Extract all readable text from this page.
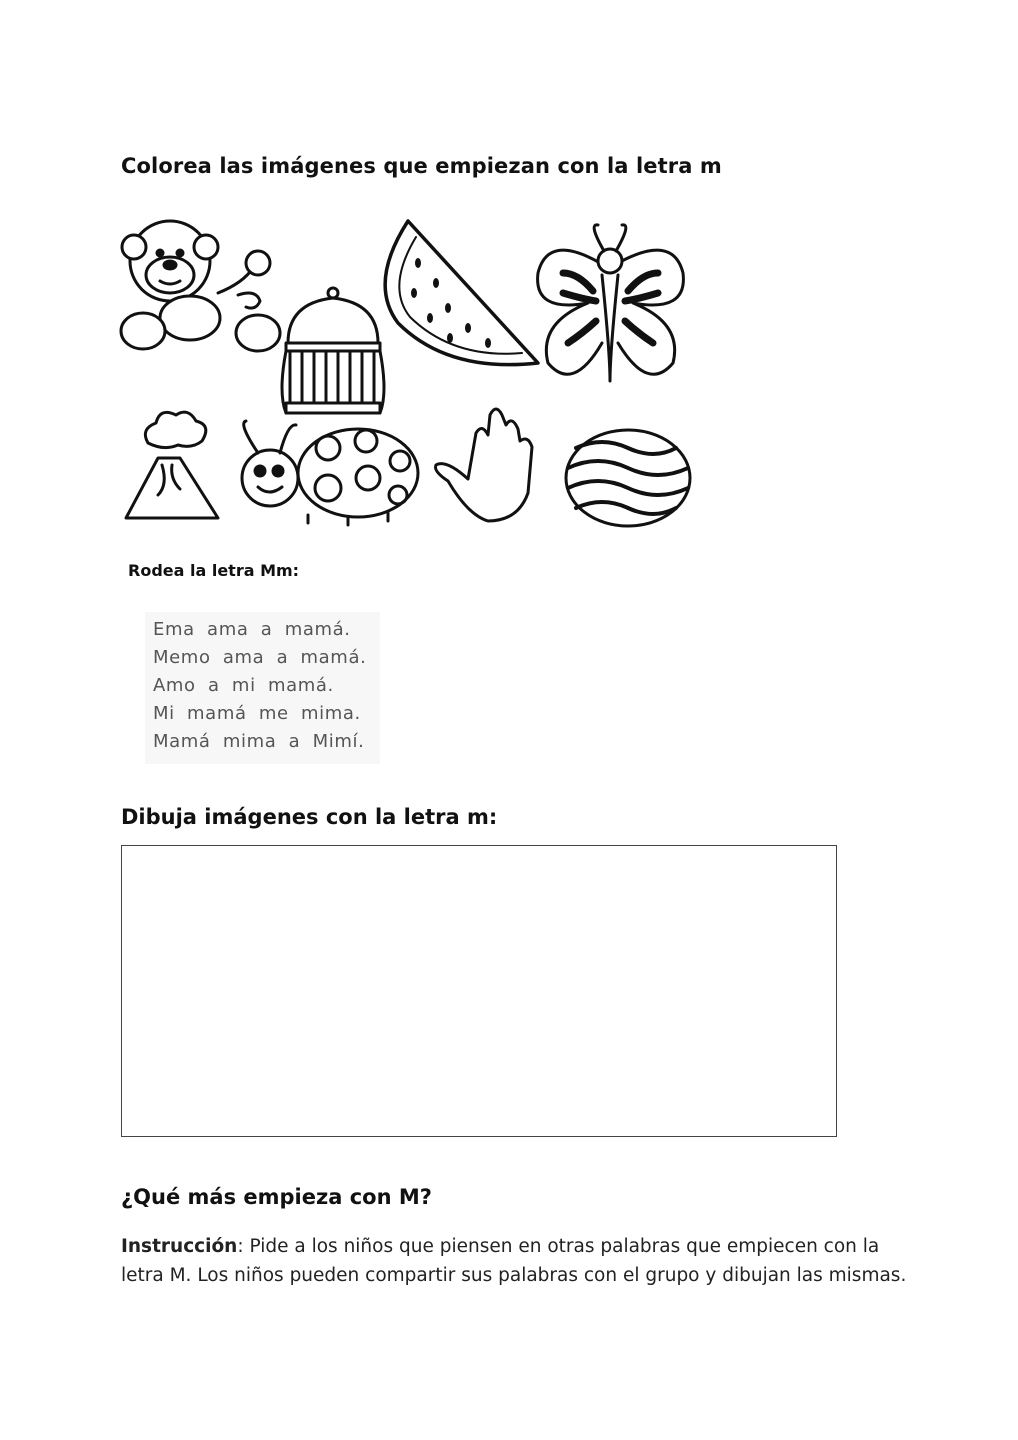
Colorea las imágenes que empiezan con la letra m
Rodea la letra Mm:
Ema ama a mamá.
Memo ama a mamá.
Amo a mi mamá.
Mi mamá me mima.
Mamá mima a Mimí.
Dibuja imágenes con la letra m:
¿Qué más empieza con M?
Instrucción: Pide a los niños que piensen en otras palabras que empiecen con la letra M. Los niños pueden compartir sus palabras con el grupo y dibujan las mismas.
